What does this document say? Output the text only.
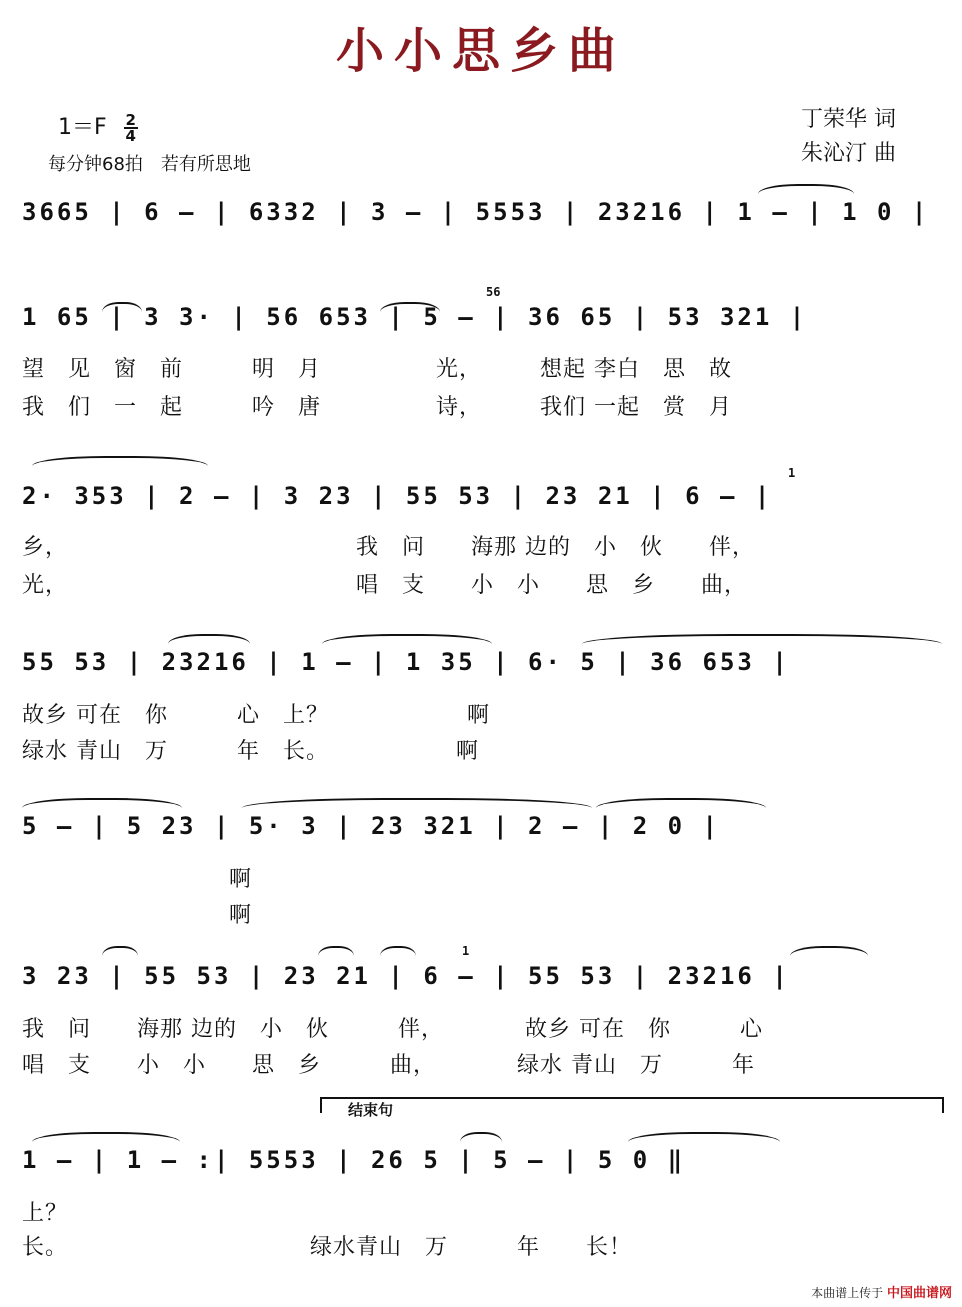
小小思乡曲
$1=F \frac{2}{4}$
每分钟68拍　若有所思地
丁荣华 词
朱沁汀 曲
3665 | 6 — | 6332 | 3 — | 5553 | 23216 | 1 — | 1 0 |
56
1 65 | 3 3· | 56 653 | 5 — | 36 65 | 53 321 |
望　见　窗　前　　　明　月　　　　　光，　　　想起 李白　思　故
我　们　一　起　　　吟　唐　　　　　诗，　　　我们 一起　赏　月
1
2· 353 | 2 — | 3 23 | 55 53 | 23 21 | 6 — |
乡，　　　　　　　　　　　　　我　问　　海那 边的　小　伙　　伴，
光，　　　　　　　　　　　　　唱　支　　小　小　　思　乡　　曲，
55 53 | 23216 | 1 — | 1 35 | 6· 5 | 36 653 |
故乡 可在　你　　　心　上？　　　　　　啊
绿水 青山　万　　　年　长。　　　　　　啊
5 — | 5 23 | 5· 3 | 23 321 | 2 — | 2 0 |
　　　　　　　　　啊
　　　　　　　　　啊
1
3 23 | 55 53 | 23 21 | 6 — | 55 53 | 23216 |
我　问　　海那 边的　小　伙　　　伴，　　　　故乡 可在　你　　　心
唱　支　　小　小　　思　乡　　　曲，　　　　绿水 青山　万　　　年
结束句
1 — | 1 — :| 5553 | 26 5 | 5 — | 5 0 ‖
上？
长。　　　　　　　　　　　绿水青山　万　　　年　　长！
本曲谱上传于 中国曲谱网
